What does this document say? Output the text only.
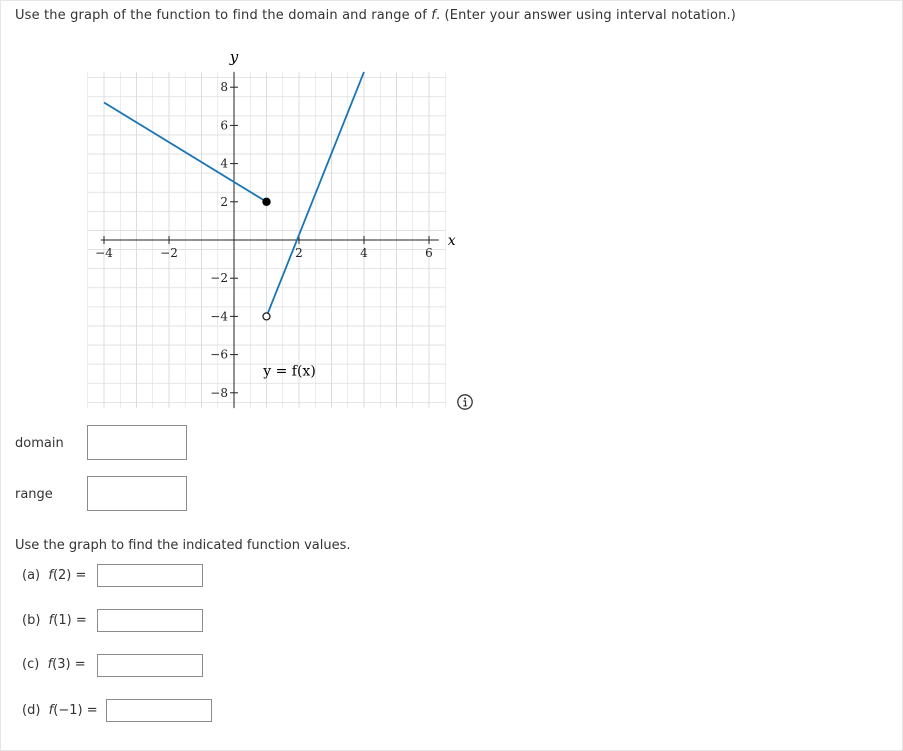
Use the graph of the function to find the domain and range of f. (Enter your answer using interval notation.)
−4	−2	2	4	6
8
6
4
2
−2
−4
−6
−8
y
x
y = f(x)
domain
range
Use the graph to find the indicated function values.
(a) f(2) =
(b) f(1) =
(c) f(3) =
(d) f(−1) =
